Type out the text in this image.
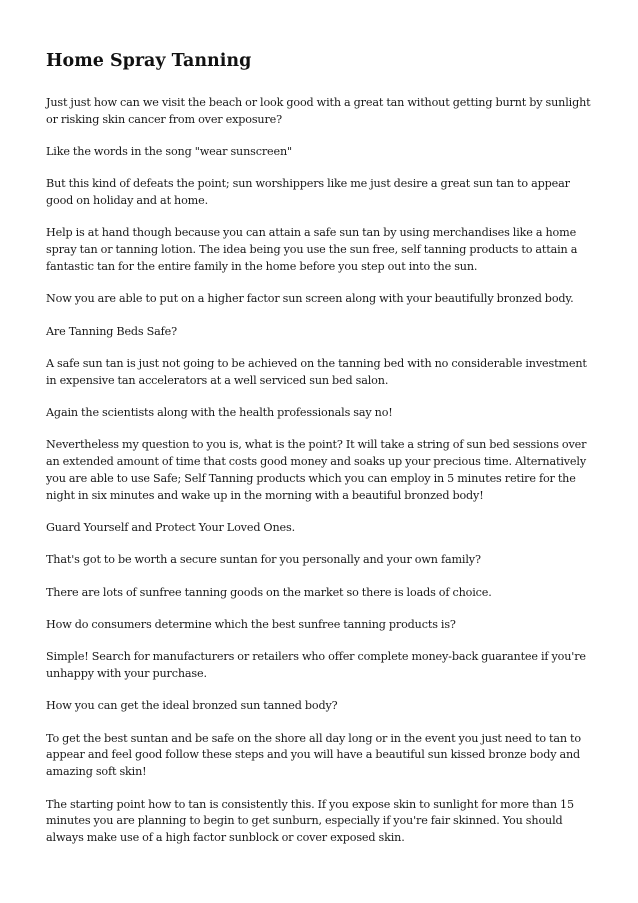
Home Spray Tanning

Just just how can we visit the beach or look good with a great tan without getting burnt by sunlight or risking skin cancer from over exposure?

Like the words in the song "wear sunscreen"

But this kind of defeats the point; sun worshippers like me just desire a great sun tan to appear good on holiday and at home.

Help is at hand though because you can attain a safe sun tan by using merchandises like a home spray tan or tanning lotion. The idea being you use the sun free, self tanning products to attain a fantastic tan for the entire family in the home before you step out into the sun.

Now you are able to put on a higher factor sun screen along with your beautifully bronzed body.

Are Tanning Beds Safe?

A safe sun tan is just not going to be achieved on the tanning bed with no considerable investment in expensive tan accelerators at a well serviced sun bed salon.

Again the scientists along with the health professionals say no!

Nevertheless my question to you is, what is the point? It will take a string of sun bed sessions over an extended amount of time that costs good money and soaks up your precious time. Alternatively you are able to use Safe; Self Tanning products which you can employ in 5 minutes retire for the night in six minutes and wake up in the morning with a beautiful bronzed body!

Guard Yourself and Protect Your Loved Ones.

That's got to be worth a secure suntan for you personally and your own family?

There are lots of sunfree tanning goods on the market so there is loads of choice.

How do consumers determine which the best sunfree tanning products is?

Simple! Search for manufacturers or retailers who offer complete money-back guarantee if you're unhappy with your purchase.

How you can get the ideal bronzed sun tanned body?

To get the best suntan and be safe on the shore all day long or in the event you just need to tan to appear and feel good follow these steps and you will have a beautiful sun kissed bronze body and amazing soft skin!

The starting point how to tan is consistently this. If you expose skin to sunlight for more than 15 minutes you are planning to begin to get sunburn, especially if you're fair skinned. You should always make use of a high factor sunblock or cover exposed skin.
